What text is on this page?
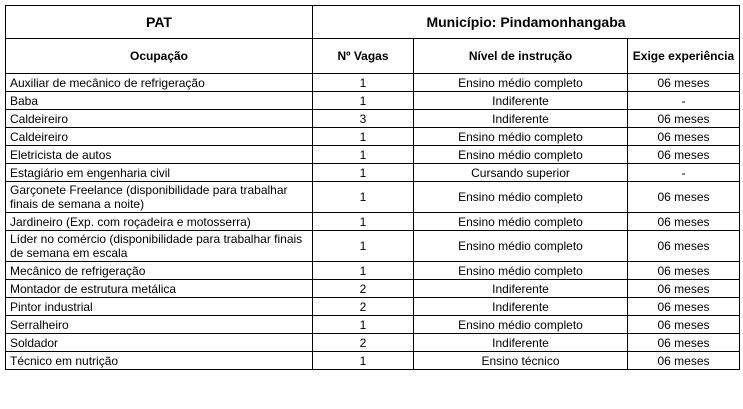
PAT	Município: Pindamonhangaba		
Ocupação	Nº Vagas	Nível de instrução	Exige experiência
Auxiliar de mecânico de refrigeração	1	Ensino médio completo	06 meses
Baba	1	Indiferente	-
Caldeireiro	3	Indiferente	06 meses
Caldeireiro	1	Ensino médio completo	06 meses
Eletricista de autos	1	Ensino médio completo	06 meses
Estagiário em engenharia civil	1	Cursando superior	-
Garçonete Freelance (disponibilidade para trabalhar finais de semana a noite)	1	Ensino médio completo	06 meses
Jardineiro (Exp. com roçadeira e motosserra)	1	Ensino médio completo	06 meses
Líder no comércio (disponibilidade para trabalhar finais de semana em escala	1	Ensino médio completo	06 meses
Mecânico de refrigeração	1	Ensino médio completo	06 meses
Montador de estrutura metálica	2	Indiferente	06 meses
Pintor industrial	2	Indiferente	06 meses
Serralheiro	1	Ensino médio completo	06 meses
Soldador	2	Indiferente	06 meses
Técnico em nutrição	1	Ensino técnico	06 meses
